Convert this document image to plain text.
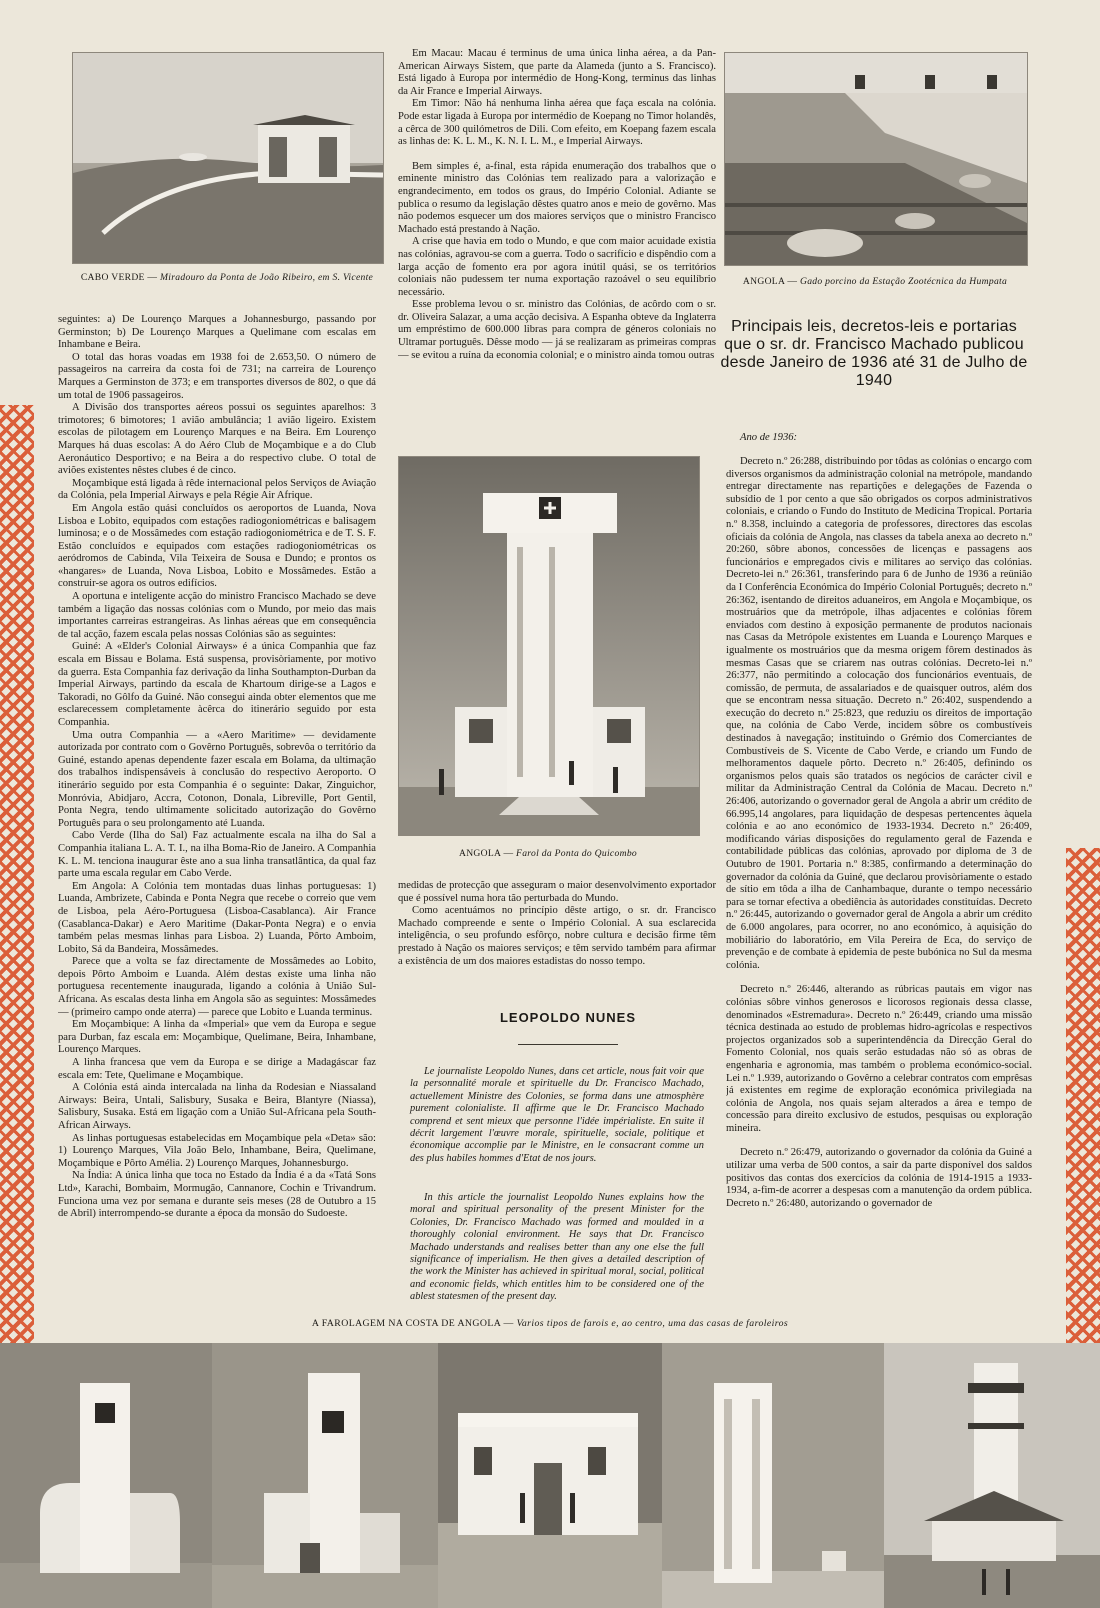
CABO VERDE — Miradouro da Ponta de João Ribeiro, em S. Vicente

seguintes: a) De Lourenço Marques a Johannesburgo, passando por Germinston; b) De Lourenço Marques a Quelimane com escalas em Inhambane e Beira.

O total das horas voadas em 1938 foi de 2.653,50. O número de passageiros na carreira da costa foi de 731; na carreira de Lourenço Marques a Germinston de 373; e em transportes diversos de 802, o que dá um total de 1906 passageiros.

A Divisão dos transportes aéreos possui os seguintes aparelhos: 3 trimotores; 6 bimotores; 1 avião ambulância; 1 avião ligeiro. Existem escolas de pilotagem em Lourenço Marques e na Beira. Em Lourenço Marques há duas escolas: A do Aéro Club de Moçambique e a do Club Aeronáutico Desportivo; e na Beira a do respectivo clube. O total de aviões existentes nêstes clubes é de cinco.

Moçambique está ligada à rêde internacional pelos Serviços de Aviação da Colónia, pela Imperial Airways e pela Régie Air Afrique.

Em Angola estão quási concluídos os aeroportos de Luanda, Nova Lisboa e Lobito, equipados com estações radiogoniométricas e balisagem luminosa; e o de Mossâmedes com estação radiogoniométrica e de T. S. F. Estão concluídos e equipados com estações radiogoniométricas os aeródromos de Cabinda, Vila Teixeira de Sousa e Dundo; e prontos os «hangares» de Luanda, Nova Lisboa, Lobito e Mossâmedes. Estão a construir-se agora os outros edifícios.

A oportuna e inteligente acção do ministro Francisco Machado se deve também a ligação das nossas colónias com o Mundo, por meio das mais importantes carreiras estrangeiras. As linhas aéreas que em consequência de tal acção, fazem escala pelas nossas Colónias são as seguintes:

Guiné: A «Elder's Colonial Airways» é a única Companhia que faz escala em Bissau e Bolama. Está suspensa, provisòriamente, por motivo da guerra. Esta Companhia faz derivação da linha Southampton-Durban da Imperial Airways, partindo da escala de Khartoum dirige-se a Lagos e Takoradi, no Gôlfo da Guiné. Não consegui ainda obter elementos que me esclarecessem completamente àcêrca do itinerário seguido por esta Companhia.

Uma outra Companhia — a «Aero Maritime» — devidamente autorizada por contrato com o Govêrno Português, sobrevôa o território da Guiné, estando apenas dependente fazer escala em Bolama, da ultimação dos trabalhos indispensáveis à conclusão do respectivo Aeroporto. O itinerário seguido por esta Companhia é o seguinte: Dakar, Zinguichor, Monróvia, Abidjaro, Accra, Cotonon, Donala, Libreville, Port Gentil, Ponta Negra, tendo ultimamente solicitado autorização do Govêrno Português para o seu prolongamento até Luanda.

Cabo Verde (Ilha do Sal) Faz actualmente escala na ilha do Sal a Companhia italiana L. A. T. I., na ilha Boma-Rio de Janeiro. A Companhia K. L. M. tenciona inaugurar êste ano a sua linha transatlântica, da qual faz parte uma escala regular em Cabo Verde.

Em Angola: A Colónia tem montadas duas linhas portuguesas: 1) Luanda, Ambrizete, Cabinda e Ponta Negra que recebe o correio que vem de Lisboa, pela Aéro-Portuguesa (Lisboa-Casablanca). Air France (Casablanca-Dakar) e Aero Maritime (Dakar-Ponta Negra) e o envia também pelas mesmas linhas para Lisboa. 2) Luanda, Pôrto Amboim, Lobito, Sá da Bandeira, Mossâmedes.

Parece que a volta se faz directamente de Mossâmedes ao Lobito, depois Pôrto Amboim e Luanda. Além destas existe uma linha não portuguesa recentemente inaugurada, ligando a colónia à União Sul-Africana. As escalas desta linha em Angola são as seguintes: Mossâmedes — (primeiro campo onde aterra) — parece que Lobito e Luanda terminus.

Em Moçambique: A linha da «Imperial» que vem da Europa e segue para Durban, faz escala em: Moçambique, Quelimane, Beira, Inhambane, Lourenço Marques.

A linha francesa que vem da Europa e se dirige a Madagáscar faz escala em: Tete, Quelimane e Moçambique.

A Colónia está ainda intercalada na linha da Rodesian e Niassaland Airways: Beira, Untali, Salisbury, Susaka e Beira, Blantyre (Niassa), Salisbury, Susaka. Está em ligação com a União Sul-Africana pela South-African Airways.

As linhas portuguesas estabelecidas em Moçambique pela «Deta» são: 1) Lourenço Marques, Vila João Belo, Inhambane, Beira, Quelimane, Moçambique e Pôrto Amélia. 2) Lourenço Marques, Johannesburgo.

Na Índia: A única linha que toca no Estado da Índia é a da «Tatá Sons Ltd», Karachi, Bombaim, Mormugão, Cannanore, Cochin e Trivandrum. Funciona uma vez por semana e durante seis meses (28 de Outubro a 15 de Abril) interrompendo-se durante a época da monsão do Sudoeste.

Em Macau: Macau é terminus de uma única linha aérea, a da Pan-American Airways Sistem, que parte da Alameda (junto a S. Francisco). Está ligado à Europa por intermédio de Hong-Kong, terminus das linhas da Air France e Imperial Airways.

Em Timor: Não há nenhuma linha aérea que faça escala na colónia. Pode estar ligada à Europa por intermédio de Koepang no Timor holandês, a cêrca de 300 quilómetros de Dili. Com efeito, em Koepang fazem escala as linhas de: K. L. M., K. N. I. L. M., e Imperial Airways.

Bem simples é, a-final, esta rápida enumeração dos trabalhos que o eminente ministro das Colónias tem realizado para a valorização e engrandecimento, em todos os graus, do Império Colonial. Adiante se publica o resumo da legislação dêstes quatro anos e meio de govêrno. Mas não podemos esquecer um dos maiores serviços que o ministro Francisco Machado está prestando à Nação.

A crise que havia em todo o Mundo, e que com maior acuidade existia nas colónias, agravou-se com a guerra. Todo o sacrifício e dispêndio com a larga acção de fomento era por agora inútil quási, se os territórios coloniais não pudessem ter numa exportação razoável o seu equilíbrio necessário.

Esse problema levou o sr. ministro das Colónias, de acôrdo com o sr. dr. Oliveira Salazar, a uma acção decisiva. A Espanha obteve da Inglaterra um empréstimo de 600.000 libras para compra de géneros coloniais no Ultramar português. Dêsse modo — já se realizaram as primeiras compras — se evitou a ruína da economia colonial; e o ministro ainda tomou outras

ANGOLA — Farol da Ponta do Quicombo

medidas de protecção que asseguram o maior desenvolvimento exportador que é possível numa hora tão perturbada do Mundo.

Como acentuámos no princípio dêste artigo, o sr. dr. Francisco Machado compreende e sente o Império Colonial. A sua esclarecida inteligência, o seu profundo esfôrço, nobre cultura e decisão firme têm prestado à Nação os maiores serviços; e têm servido também para afirmar a existência de um dos maiores estadistas do nosso tempo.

LEOPOLDO NUNES

Le journaliste Leopoldo Nunes, dans cet article, nous fait voir que la personnalité morale et spirituelle du Dr. Francisco Machado, actuellement Ministre des Colonies, se forma dans une atmosphère purement colonialiste. Il affirme que le Dr. Francisco Machado comprend et sent mieux que personne l'idée impérialiste. En suite il décrit largement l'œuvre morale, spirituelle, sociale, politique et économique accomplie par le Ministre, en le consacrant comme un des plus habiles hommes d'Etat de nos jours.

In this article the journalist Leopoldo Nunes explains how the moral and spiritual personality of the present Minister for the Colonies, Dr. Francisco Machado was formed and moulded in a thoroughly colonial environment. He says that Dr. Francisco Machado understands and realises better than any one else the full significance of imperialism. He then gives a detailed description of the work the Minister has achieved in spiritual moral, social, political and economic fields, which entitles him to be considered one of the ablest statesmen of the present day.

ANGOLA — Gado porcino da Estação Zootécnica da Humpata
Principais leis, decretos-leis e portarias que o sr. dr. Francisco Machado publicou desde Janeiro de 1936 até 31 de Julho de 1940
Ano de 1936:

Decreto n.º 26:288, distribuindo por tôdas as colónias o encargo com diversos organismos da administração colonial na metrópole, mandando entregar directamente nas repartições e delegações de Fazenda o subsídio de 1 por cento a que são obrigados os corpos administrativos coloniais, e criando o Fundo do Instituto de Medicina Tropical. Portaria n.º 8.358, incluindo a categoria de professores, directores das escolas oficiais da colónia de Angola, nas classes da tabela anexa ao decreto n.º 20:260, sôbre abonos, concessões de licenças e passagens aos funcionários e empregados civis e militares ao serviço das colónias. Decreto-lei n.º 26:361, transferindo para 6 de Junho de 1936 a reünião da I Conferência Económica do Império Colonial Português; decreto n.º 26:362, isentando de direitos aduaneiros, em Angola e Moçambique, os mostruários que da metrópole, ilhas adjacentes e colónias fôrem enviados com destino à exposição permanente de produtos nacionais nas Casas da Metrópole existentes em Luanda e Lourenço Marques e igualmente os mostruários que da mesma origem fôrem destinados às mesmas Casas que se criarem nas outras colónias. Decreto-lei n.º 26:377, não permitindo a colocação dos funcionários eventuais, de comissão, de permuta, de assalariados e de quaisquer outros, além dos que se encontram nessa situação. Decreto n.º 26:402, suspendendo a execução do decreto n.º 25:823, que reduziu os direitos de importação que, na colónia de Cabo Verde, incidem sôbre os combustíveis destinados à navegação; instituindo o Grémio dos Comerciantes de Combustíveis de S. Vicente de Cabo Verde, e criando um Fundo de melhoramentos daquele pôrto. Decreto n.º 26:405, definindo os organismos pelos quais são tratados os negócios de carácter civil e militar da Administração Central da Colónia de Macau. Decreto n.º 26:406, autorizando o governador geral de Angola a abrir um crédito de 66.995,14 angolares, para liquidação de despesas pertencentes àquela colónia e ao ano económico de 1933-1934. Decreto n.º 26:409, modificando várias disposições do regulamento geral de Fazenda e contabilidade públicas das colónias, aprovado por diploma de 3 de Outubro de 1901. Portaria n.º 8:385, confirmando a determinação do governador da colónia da Guiné, que declarou provisòriamente o estado de sítio em tôda a ilha de Canhambaque, durante o tempo necessário para se tornar efectiva a obediência às autoridades constituídas. Decreto n.º 26:445, autorizando o governador geral de Angola a abrir um crédito de 6.000 angolares, para ocorrer, no ano económico, à aquisição do mobiliário do laboratório, em Vila Pereira de Eca, do serviço de prevenção e de combate à epidemia de peste bubónica no Sul da mesma colónia.

Decreto n.º 26:446, alterando as rúbricas pautais em vigor nas colónias sôbre vinhos generosos e licorosos regionais dessa classe, denominados «Estremadura». Decreto n.º 26:449, criando uma missão técnica destinada ao estudo de problemas hidro-agrícolas e respectivos projectos organizados sob a superintendência da Direcção Geral do Fomento Colonial, nos quais serão estudadas não só as obras de engenharia e agronomia, mas também o problema económico-social. Lei n.º 1.939, autorizando o Govêrno a celebrar contratos com emprêsas já existentes em regime de exploração económica privilegiada na colónia de Angola, nos quais sejam alterados a área e tempo de concessão para direito exclusivo de estudos, pesquisas ou exploração mineira.

Decreto n.º 26:479, autorizando o governador da colónia da Guiné a utilizar uma verba de 500 contos, a sair da parte disponível dos saldos positivos das contas dos exercícios da colónia de 1914-1915 a 1933-1934, a-fim-de acorrer a despesas com a manutenção da ordem pública. Decreto n.º 26:480, autorizando o governador de

A FAROLAGEM NA COSTA DE ANGOLA — Varios tipos de farois e, ao centro, uma das casas de faroleiros
